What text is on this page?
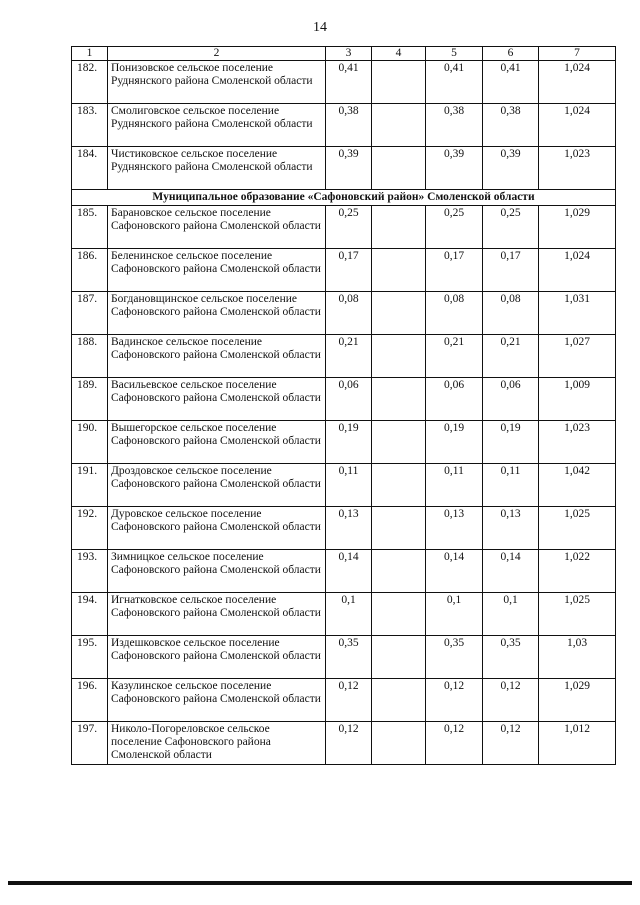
14
1	2	3	4	5	6	7
182.	Понизовское сельское поселение Руднянского района Смоленской области	0,41		0,41	0,41	1,024
183.	Смолиговское сельское поселение Руднянского района Смоленской области	0,38		0,38	0,38	1,024
184.	Чистиковское сельское поселение Руднянского района Смоленской области	0,39		0,39	0,39	1,023
Муниципальное образование «Сафоновский район» Смоленской области						
185.	Барановское сельское поселение Сафоновского района Смоленской области	0,25		0,25	0,25	1,029
186.	Беленинское сельское поселение Сафоновского района Смоленской области	0,17		0,17	0,17	1,024
187.	Богдановщинское сельское поселение Сафоновского района Смоленской области	0,08		0,08	0,08	1,031
188.	Вадинское сельское поселение Сафоновского района Смоленской области	0,21		0,21	0,21	1,027
189.	Васильевское сельское поселение Сафоновского района Смоленской области	0,06		0,06	0,06	1,009
190.	Вышегорское сельское поселение Сафоновского района Смоленской области	0,19		0,19	0,19	1,023
191.	Дроздовское сельское поселение Сафоновского района Смоленской области	0,11		0,11	0,11	1,042
192.	Дуровское сельское поселение Сафоновского района Смоленской области	0,13		0,13	0,13	1,025
193.	Зимницкое сельское поселение Сафоновского района Смоленской области	0,14		0,14	0,14	1,022
194.	Игнатковское сельское поселение Сафоновского района Смоленской области	0,1		0,1	0,1	1,025
195.	Издешковское сельское поселение Сафоновского района Смоленской области	0,35		0,35	0,35	1,03
196.	Казулинское сельское поселение Сафоновского района Смоленской области	0,12		0,12	0,12	1,029
197.	Николо-Погореловское сельское поселение Сафоновского района Смоленской области	0,12		0,12	0,12	1,012
